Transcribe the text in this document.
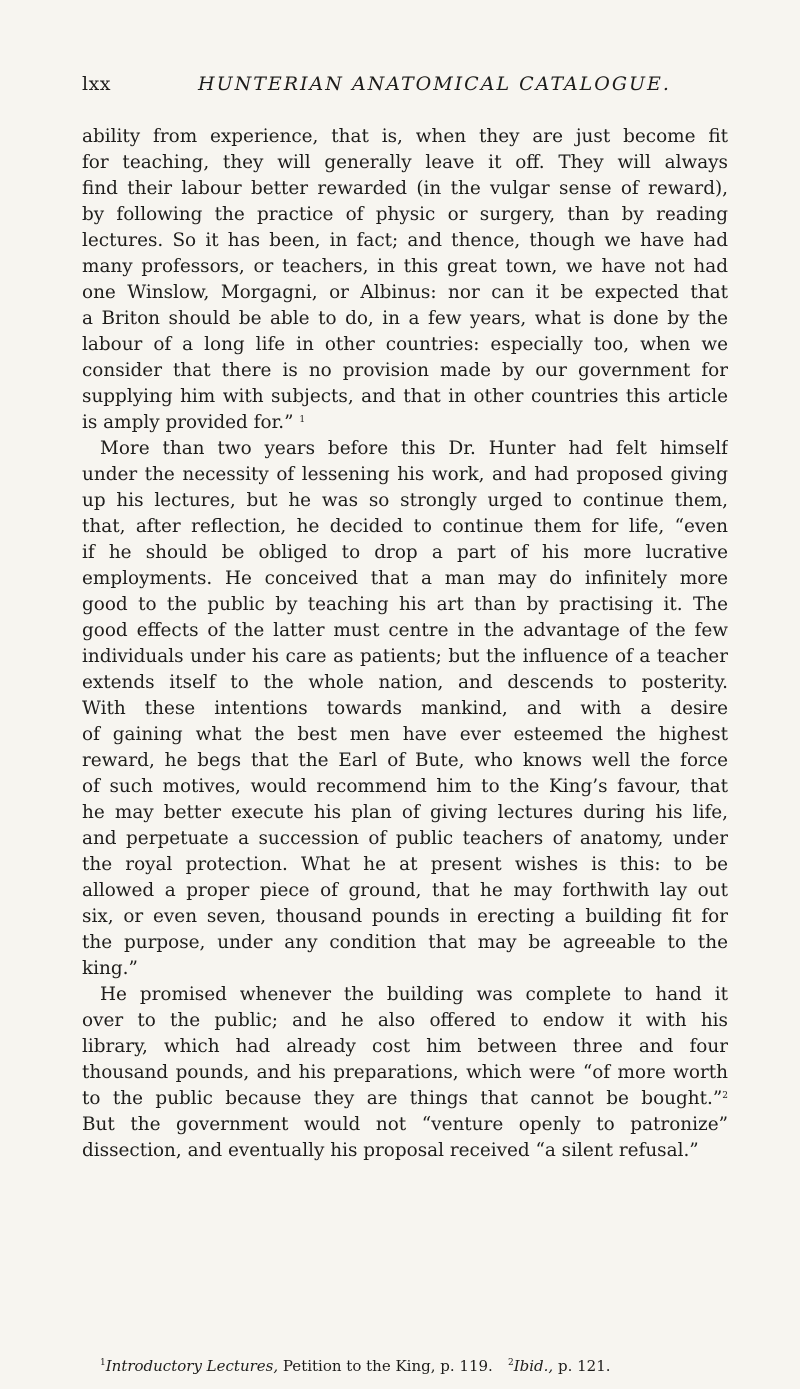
lxx	HUNTERIAN ANATOMICAL CATALOGUE.
ability from experience, that is, when they are just become fit
for teaching, they will generally leave it off. They will always
find their labour better rewarded (in the vulgar sense of reward),
by following the practice of physic or surgery, than by reading
lectures. So it has been, in fact; and thence, though we have had
many professors, or teachers, in this great town, we have not had
one Winslow, Morgagni, or Albinus: nor can it be expected that
a Briton should be able to do, in a few years, what is done by the
labour of a long life in other countries: especially too, when we
consider that there is no provision made by our government for
supplying him with subjects, and that in other countries this article
is amply provided for.” $^1$
More than two years before this Dr. Hunter had felt himself
under the necessity of lessening his work, and had proposed giving
up his lectures, but he was so strongly urged to continue them,
that, after reflection, he decided to continue them for life, “even
if he should be obliged to drop a part of his more lucrative
employments. He conceived that a man may do infinitely more
good to the public by teaching his art than by practising it. The
good effects of the latter must centre in the advantage of the few
individuals under his care as patients; but the influence of a teacher
extends itself to the whole nation, and descends to posterity.
With these intentions towards mankind, and with a desire
of gaining what the best men have ever esteemed the highest
reward, he begs that the Earl of Bute, who knows well the force
of such motives, would recommend him to the King’s favour, that
he may better execute his plan of giving lectures during his life,
and perpetuate a succession of public teachers of anatomy, under
the royal protection. What he at present wishes is this: to be
allowed a proper piece of ground, that he may forthwith lay out
six, or even seven, thousand pounds in erecting a building fit for
the purpose, under any condition that may be agreeable to the
king.”
He promised whenever the building was complete to hand it
over to the public; and he also offered to endow it with his
library, which had already cost him between three and four
thousand pounds, and his preparations, which were “of more worth
to the public because they are things that cannot be bought.”$^2$
But the government would not “venture openly to patronize”
dissection, and eventually his proposal received “a silent refusal.”
$^1$Introductory Lectures, Petition to the King, p. 119. $^2$Ibid., p. 121.
